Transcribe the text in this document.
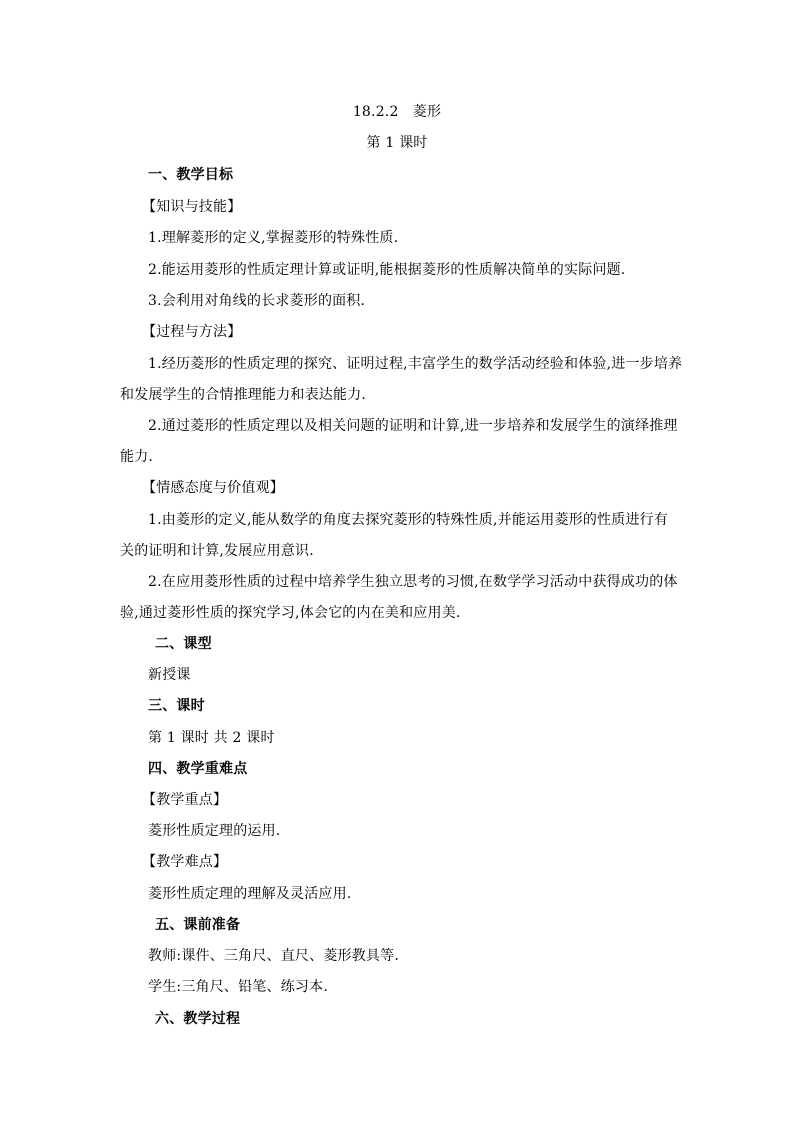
18.2.2　菱形
第 1 课时
一、教学目标
【知识与技能】
1.理解菱形的定义,掌握菱形的特殊性质.
2.能运用菱形的性质定理计算或证明,能根据菱形的性质解决简单的实际问题.
3.会利用对角线的长求菱形的面积.
【过程与方法】
1.经历菱形的性质定理的探究、证明过程,丰富学生的数学活动经验和体验,进一步培养
和发展学生的合情推理能力和表达能力.
2.通过菱形的性质定理以及相关问题的证明和计算,进一步培养和发展学生的演绎推理
能力.
【情感态度与价值观】
1.由菱形的定义,能从数学的角度去探究菱形的特殊性质,并能运用菱形的性质进行有
关的证明和计算,发展应用意识.
2.在应用菱形性质的过程中培养学生独立思考的习惯,在数学学习活动中获得成功的体
验,通过菱形性质的探究学习,体会它的内在美和应用美.
二、课型
新授课
三、课时
第 1 课时 共 2 课时
四、教学重难点
【教学重点】
菱形性质定理的运用.
【教学难点】
菱形性质定理的理解及灵活应用.
五、课前准备
教师:课件、三角尺、直尺、菱形教具等.
学生:三角尺、铅笔、练习本.
六、教学过程
